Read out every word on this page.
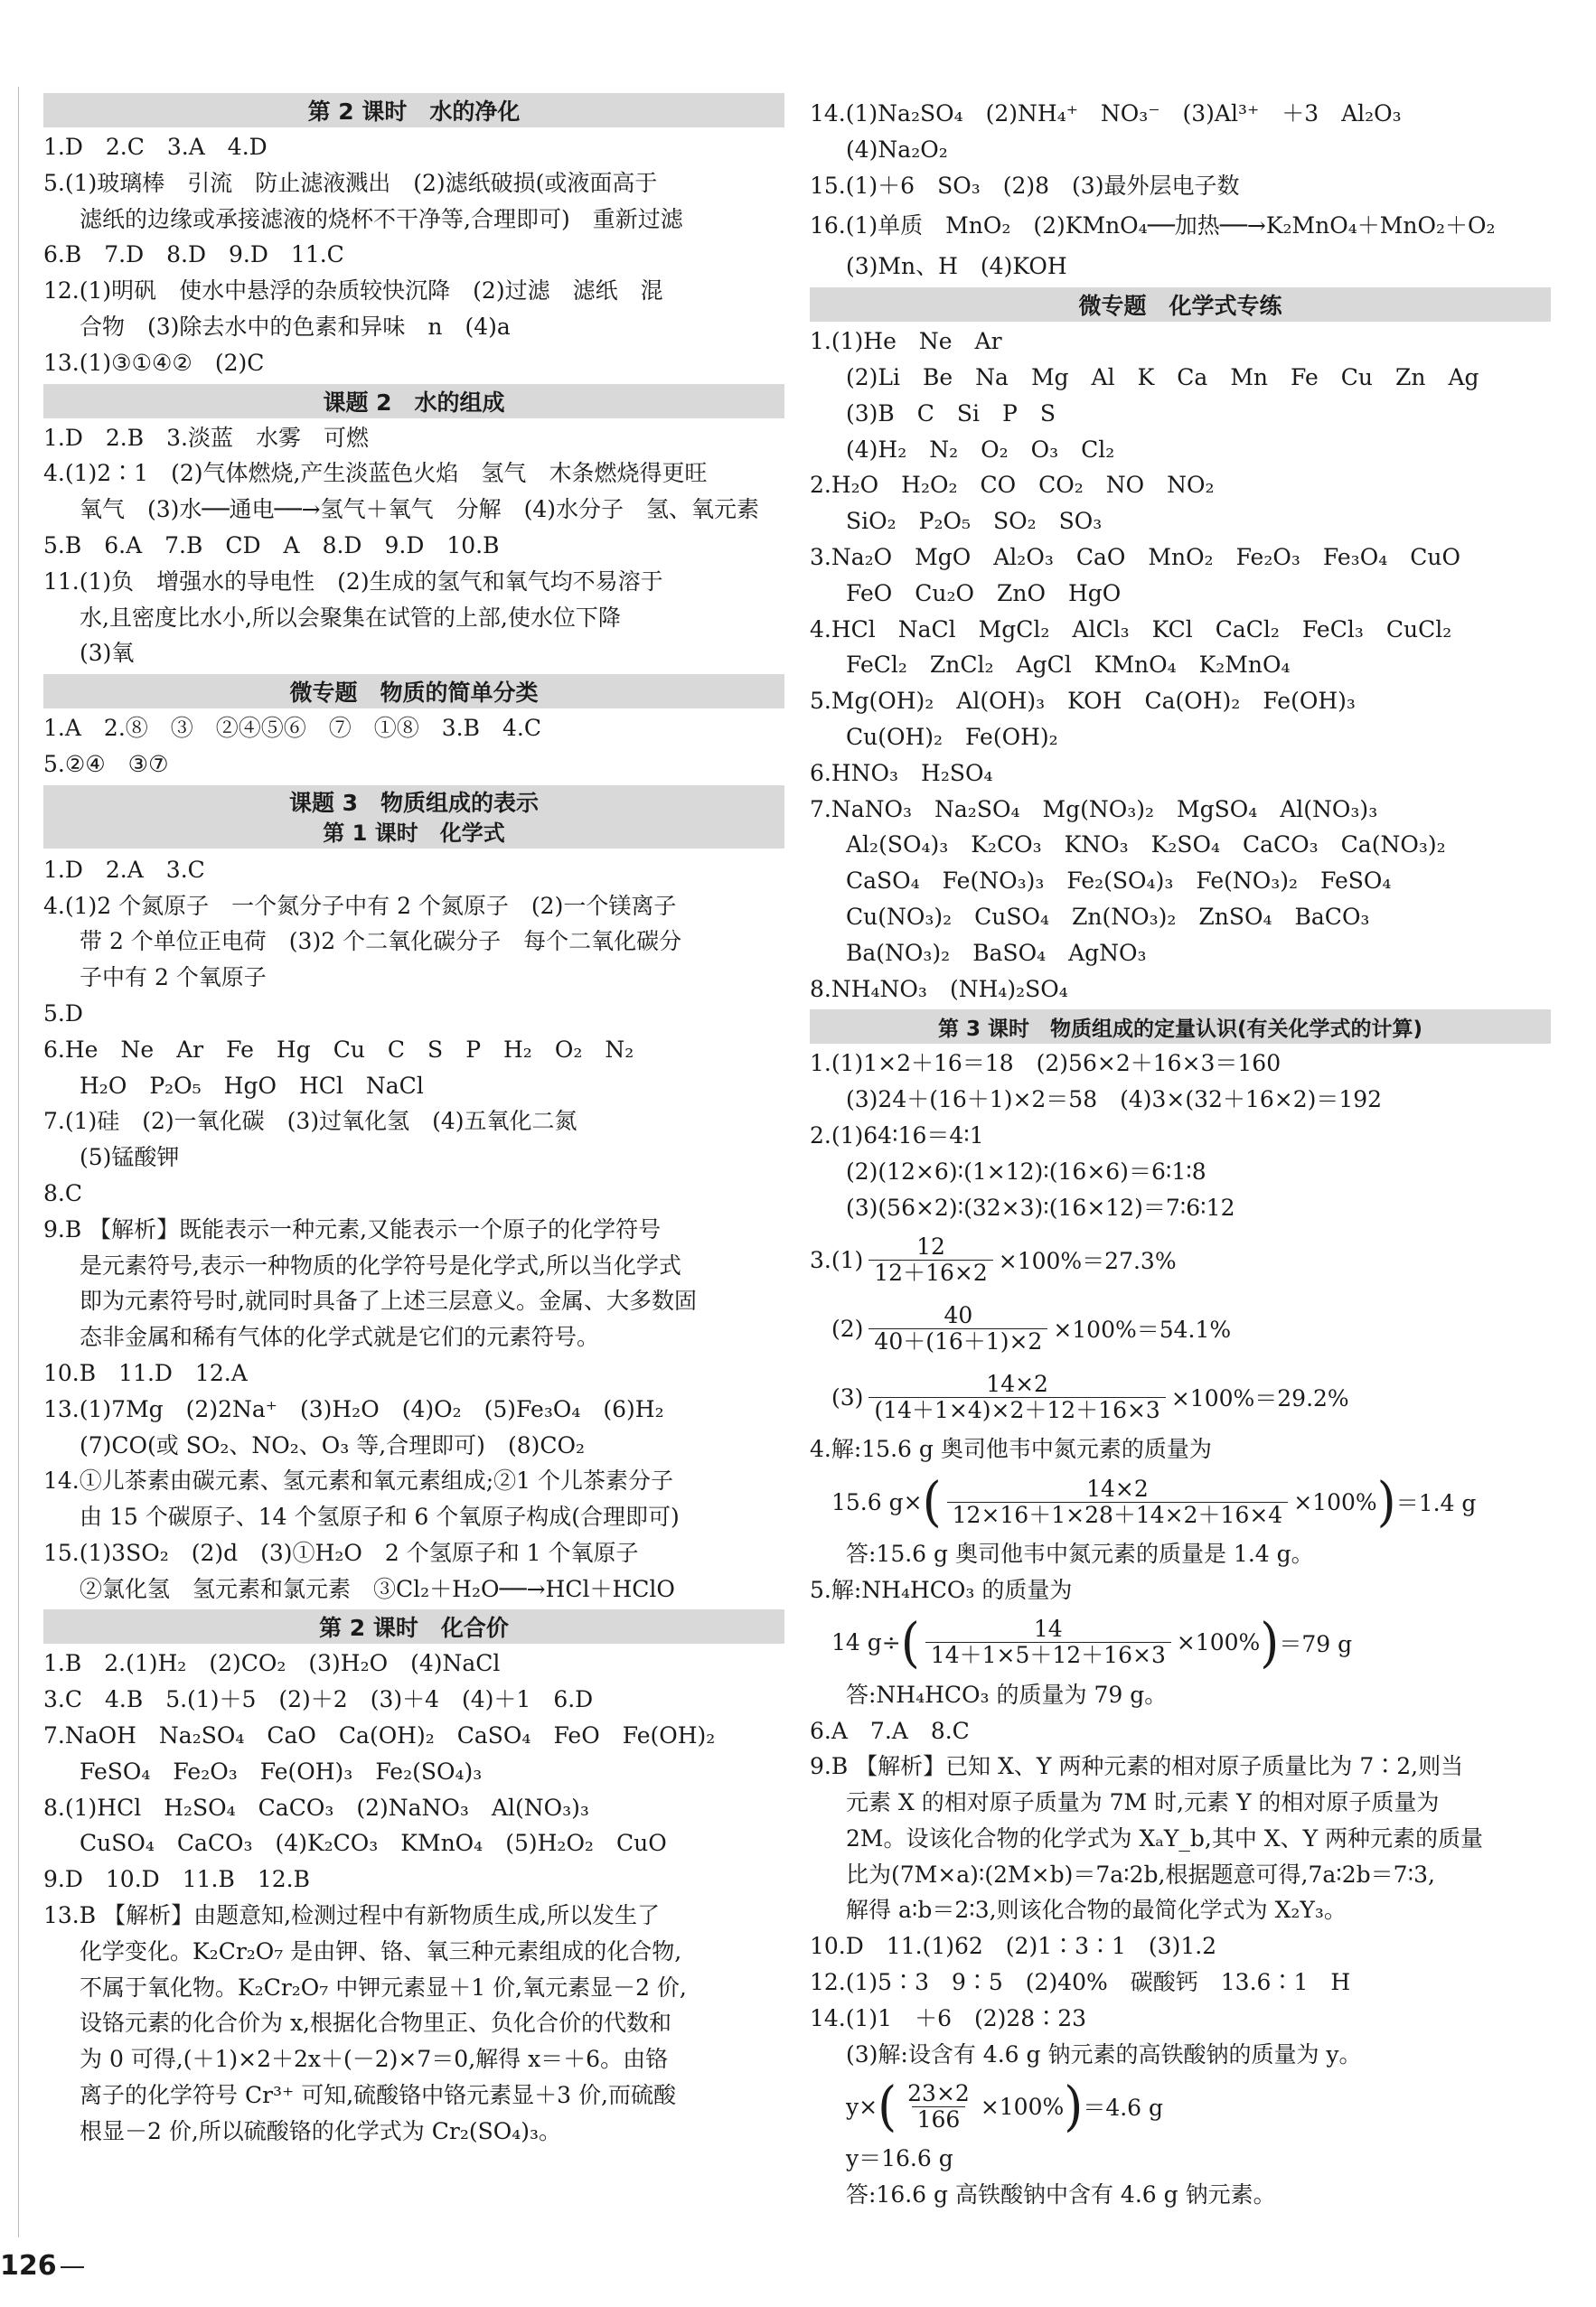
第 2 课时　水的净化
1.D　2.C　3.A　4.D
5.(1)玻璃棒　引流　防止滤液溅出　(2)滤纸破损(或液面高于
滤纸的边缘或承接滤液的烧杯不干净等,合理即可)　重新过滤
6.B　7.D　8.D　9.D　11.C
12.(1)明矾　使水中悬浮的杂质较快沉降　(2)过滤　滤纸　混
合物　(3)除去水中的色素和异味　n　(4)a
13.(1)③①④②　(2)C
课题 2　水的组成
1.D　2.B　3.淡蓝　水雾　可燃
4.(1)2∶1　(2)气体燃烧,产生淡蓝色火焰　氢气　木条燃烧得更旺
氧气　(3)水──通电──→氢气＋氧气　分解　(4)水分子　氢、氧元素
5.B　6.A　7.B　CD　A　8.D　9.D　10.B
11.(1)负　增强水的导电性　(2)生成的氢气和氧气均不易溶于
水,且密度比水小,所以会聚集在试管的上部,使水位下降
(3)氧
微专题　物质的简单分类
1.A　2.⑧　③　②④⑤⑥　⑦　①⑧　3.B　4.C
5.②④　③⑦
课题 3　物质组成的表示
第 1 课时　化学式
1.D　2.A　3.C
4.(1)2 个氮原子　一个氮分子中有 2 个氮原子　(2)一个镁离子
带 2 个单位正电荷　(3)2 个二氧化碳分子　每个二氧化碳分
子中有 2 个氧原子
5.D
6.He　Ne　Ar　Fe　Hg　Cu　C　S　P　H₂　O₂　N₂
H₂O　P₂O₅　HgO　HCl　NaCl
7.(1)硅　(2)一氧化碳　(3)过氧化氢　(4)五氧化二氮
(5)锰酸钾
8.C
9.B 【解析】既能表示一种元素,又能表示一个原子的化学符号
是元素符号,表示一种物质的化学符号是化学式,所以当化学式
即为元素符号时,就同时具备了上述三层意义。金属、大多数固
态非金属和稀有气体的化学式就是它们的元素符号。
10.B　11.D　12.A
13.(1)7Mg　(2)2Na⁺　(3)H₂O　(4)O₂　(5)Fe₃O₄　(6)H₂
(7)CO(或 SO₂、NO₂、O₃ 等,合理即可)　(8)CO₂
14.①儿茶素由碳元素、氢元素和氧元素组成;②1 个儿茶素分子
由 15 个碳原子、14 个氢原子和 6 个氧原子构成(合理即可)
15.(1)3SO₂　(2)d　(3)①H₂O　2 个氢原子和 1 个氧原子
②氯化氢　氢元素和氯元素　③Cl₂＋H₂O──→HCl＋HClO
第 2 课时　化合价
1.B　2.(1)H₂　(2)CO₂　(3)H₂O　(4)NaCl
3.C　4.B　5.(1)＋5　(2)＋2　(3)＋4　(4)＋1　6.D
7.NaOH　Na₂SO₄　CaO　Ca(OH)₂　CaSO₄　FeO　Fe(OH)₂
FeSO₄　Fe₂O₃　Fe(OH)₃　Fe₂(SO₄)₃
8.(1)HCl　H₂SO₄　CaCO₃　(2)NaNO₃　Al(NO₃)₃
CuSO₄　CaCO₃　(4)K₂CO₃　KMnO₄　(5)H₂O₂　CuO
9.D　10.D　11.B　12.B
13.B 【解析】由题意知,检测过程中有新物质生成,所以发生了
化学变化。K₂Cr₂O₇ 是由钾、铬、氧三种元素组成的化合物,
不属于氧化物。K₂Cr₂O₇ 中钾元素显＋1 价,氧元素显－2 价,
设铬元素的化合价为 x,根据化合物里正、负化合价的代数和
为 0 可得,(＋1)×2＋2x＋(－2)×7＝0,解得 x＝＋6。由铬
离子的化学符号 Cr³⁺ 可知,硫酸铬中铬元素显＋3 价,而硫酸
根显－2 价,所以硫酸铬的化学式为 Cr₂(SO₄)₃。
14.(1)Na₂SO₄　(2)NH₄⁺　NO₃⁻　(3)Al³⁺　＋3　Al₂O₃
(4)Na₂O₂
15.(1)＋6　SO₃　(2)8　(3)最外层电子数
16.(1)单质　MnO₂　(2)KMnO₄──加热──→K₂MnO₄＋MnO₂＋O₂
(3)Mn、H　(4)KOH
微专题　化学式专练
1.(1)He　Ne　Ar
(2)Li　Be　Na　Mg　Al　K　Ca　Mn　Fe　Cu　Zn　Ag
(3)B　C　Si　P　S
(4)H₂　N₂　O₂　O₃　Cl₂
2.H₂O　H₂O₂　CO　CO₂　NO　NO₂
SiO₂　P₂O₅　SO₂　SO₃
3.Na₂O　MgO　Al₂O₃　CaO　MnO₂　Fe₂O₃　Fe₃O₄　CuO
FeO　Cu₂O　ZnO　HgO
4.HCl　NaCl　MgCl₂　AlCl₃　KCl　CaCl₂　FeCl₃　CuCl₂
FeCl₂　ZnCl₂　AgCl　KMnO₄　K₂MnO₄
5.Mg(OH)₂　Al(OH)₃　KOH　Ca(OH)₂　Fe(OH)₃
Cu(OH)₂　Fe(OH)₂
6.HNO₃　H₂SO₄
7.NaNO₃　Na₂SO₄　Mg(NO₃)₂　MgSO₄　Al(NO₃)₃
Al₂(SO₄)₃　K₂CO₃　KNO₃　K₂SO₄　CaCO₃　Ca(NO₃)₂
CaSO₄　Fe(NO₃)₃　Fe₂(SO₄)₃　Fe(NO₃)₂　FeSO₄
Cu(NO₃)₂　CuSO₄　Zn(NO₃)₂　ZnSO₄　BaCO₃
Ba(NO₃)₂　BaSO₄　AgNO₃
8.NH₄NO₃　(NH₄)₂SO₄
第 3 课时　物质组成的定量认识(有关化学式的计算)
1.(1)1×2＋16＝18　(2)56×2＋16×3＝160
(3)24＋(16＋1)×2＝58　(4)3×(32＋16×2)＝192
2.(1)64∶16＝4∶1
(2)(12×6)∶(1×12)∶(16×6)＝6∶1∶8
(3)(56×2)∶(32×3)∶(16×12)＝7∶6∶12
$3.(1) \frac{12}{12+16\times 2} \times 100\%=27.3\%$
$(2) \frac{40}{40+(16+1)\times 2} \times 100\%=54.1\%$
$(3) \frac{14\times 2}{(14+1\times 4)\times 2+12+16\times 3} \times 100\%=29.2\%$
4.解:15.6 g 奥司他韦中氮元素的质量为
15.6 g× ( $\frac{14\times 2}{12\times 16+1\times 28+14\times 2+16\times 4} \times 100\%$ ) ＝1.4 g
答:15.6 g 奥司他韦中氮元素的质量是 1.4 g。
5.解:NH₄HCO₃ 的质量为
14 g÷ ( $\frac{14}{14+1\times 5+12+16\times 3} \times 100\%$ ) ＝79 g
答:NH₄HCO₃ 的质量为 79 g。
6.A　7.A　8.C
9.B 【解析】已知 X、Y 两种元素的相对原子质量比为 7∶2,则当
元素 X 的相对原子质量为 7M 时,元素 Y 的相对原子质量为
2M。设该化合物的化学式为 XₐY_b,其中 X、Y 两种元素的质量
比为(7M×a)∶(2M×b)＝7a∶2b,根据题意可得,7a∶2b＝7∶3,
解得 a∶b＝2∶3,则该化合物的最简化学式为 X₂Y₃。
10.D　11.(1)62　(2)1∶3∶1　(3)1.2
12.(1)5∶3　9∶5　(2)40%　碳酸钙　13.6∶1　H
14.(1)1　＋6　(2)28∶23
(3)解:设含有 4.6 g 钠元素的高铁酸钠的质量为 y。
y× ( $\frac{23\times 2}{166} \times 100\%$ ) ＝4.6 g
y＝16.6 g
答:16.6 g 高铁酸钠中含有 4.6 g 钠元素。
126
